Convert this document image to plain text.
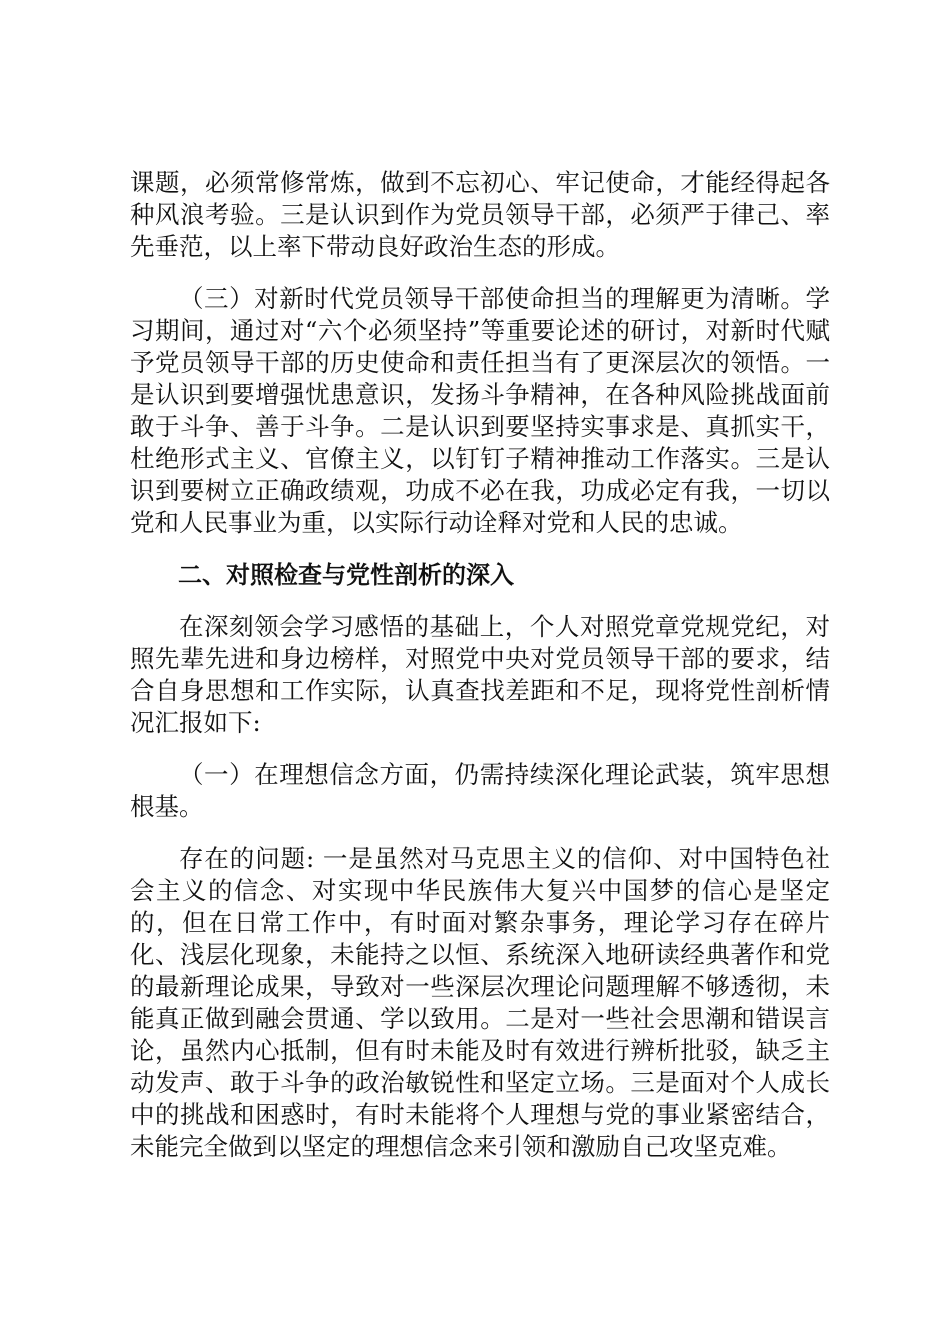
课题，必须常修常炼，做到不忘初心、牢记使命，才能经得起各种风浪考验。三是认识到作为党员领导干部，必须严于律己、率先垂范，以上率下带动良好政治生态的形成。

（三）对新时代党员领导干部使命担当的理解更为清晰。学习期间，通过对“六个必须坚持”等重要论述的研讨，对新时代赋予党员领导干部的历史使命和责任担当有了更深层次的领悟。一是认识到要增强忧患意识，发扬斗争精神，在各种风险挑战面前敢于斗争、善于斗争。二是认识到要坚持实事求是、真抓实干，杜绝形式主义、官僚主义，以钉钉子精神推动工作落实。三是认识到要树立正确政绩观，功成不必在我，功成必定有我，一切以党和人民事业为重，以实际行动诠释对党和人民的忠诚。

二、对照检查与党性剖析的深入

在深刻领会学习感悟的基础上，个人对照党章党规党纪，对照先辈先进和身边榜样，对照党中央对党员领导干部的要求，结合自身思想和工作实际，认真查找差距和不足，现将党性剖析情况汇报如下:

（一）在理想信念方面，仍需持续深化理论武装，筑牢思想根基。

存在的问题: 一是虽然对马克思主义的信仰、对中国特色社会主义的信念、对实现中华民族伟大复兴中国梦的信心是坚定的，但在日常工作中，有时面对繁杂事务，理论学习存在碎片化、浅层化现象，未能持之以恒、系统深入地研读经典著作和党的最新理论成果，导致对一些深层次理论问题理解不够透彻，未能真正做到融会贯通、学以致用。二是对一些社会思潮和错误言论，虽然内心抵制，但有时未能及时有效进行辨析批驳，缺乏主动发声、敢于斗争的政治敏锐性和坚定立场。三是面对个人成长中的挑战和困惑时，有时未能将个人理想与党的事业紧密结合，未能完全做到以坚定的理想信念来引领和激励自己攻坚克难。
